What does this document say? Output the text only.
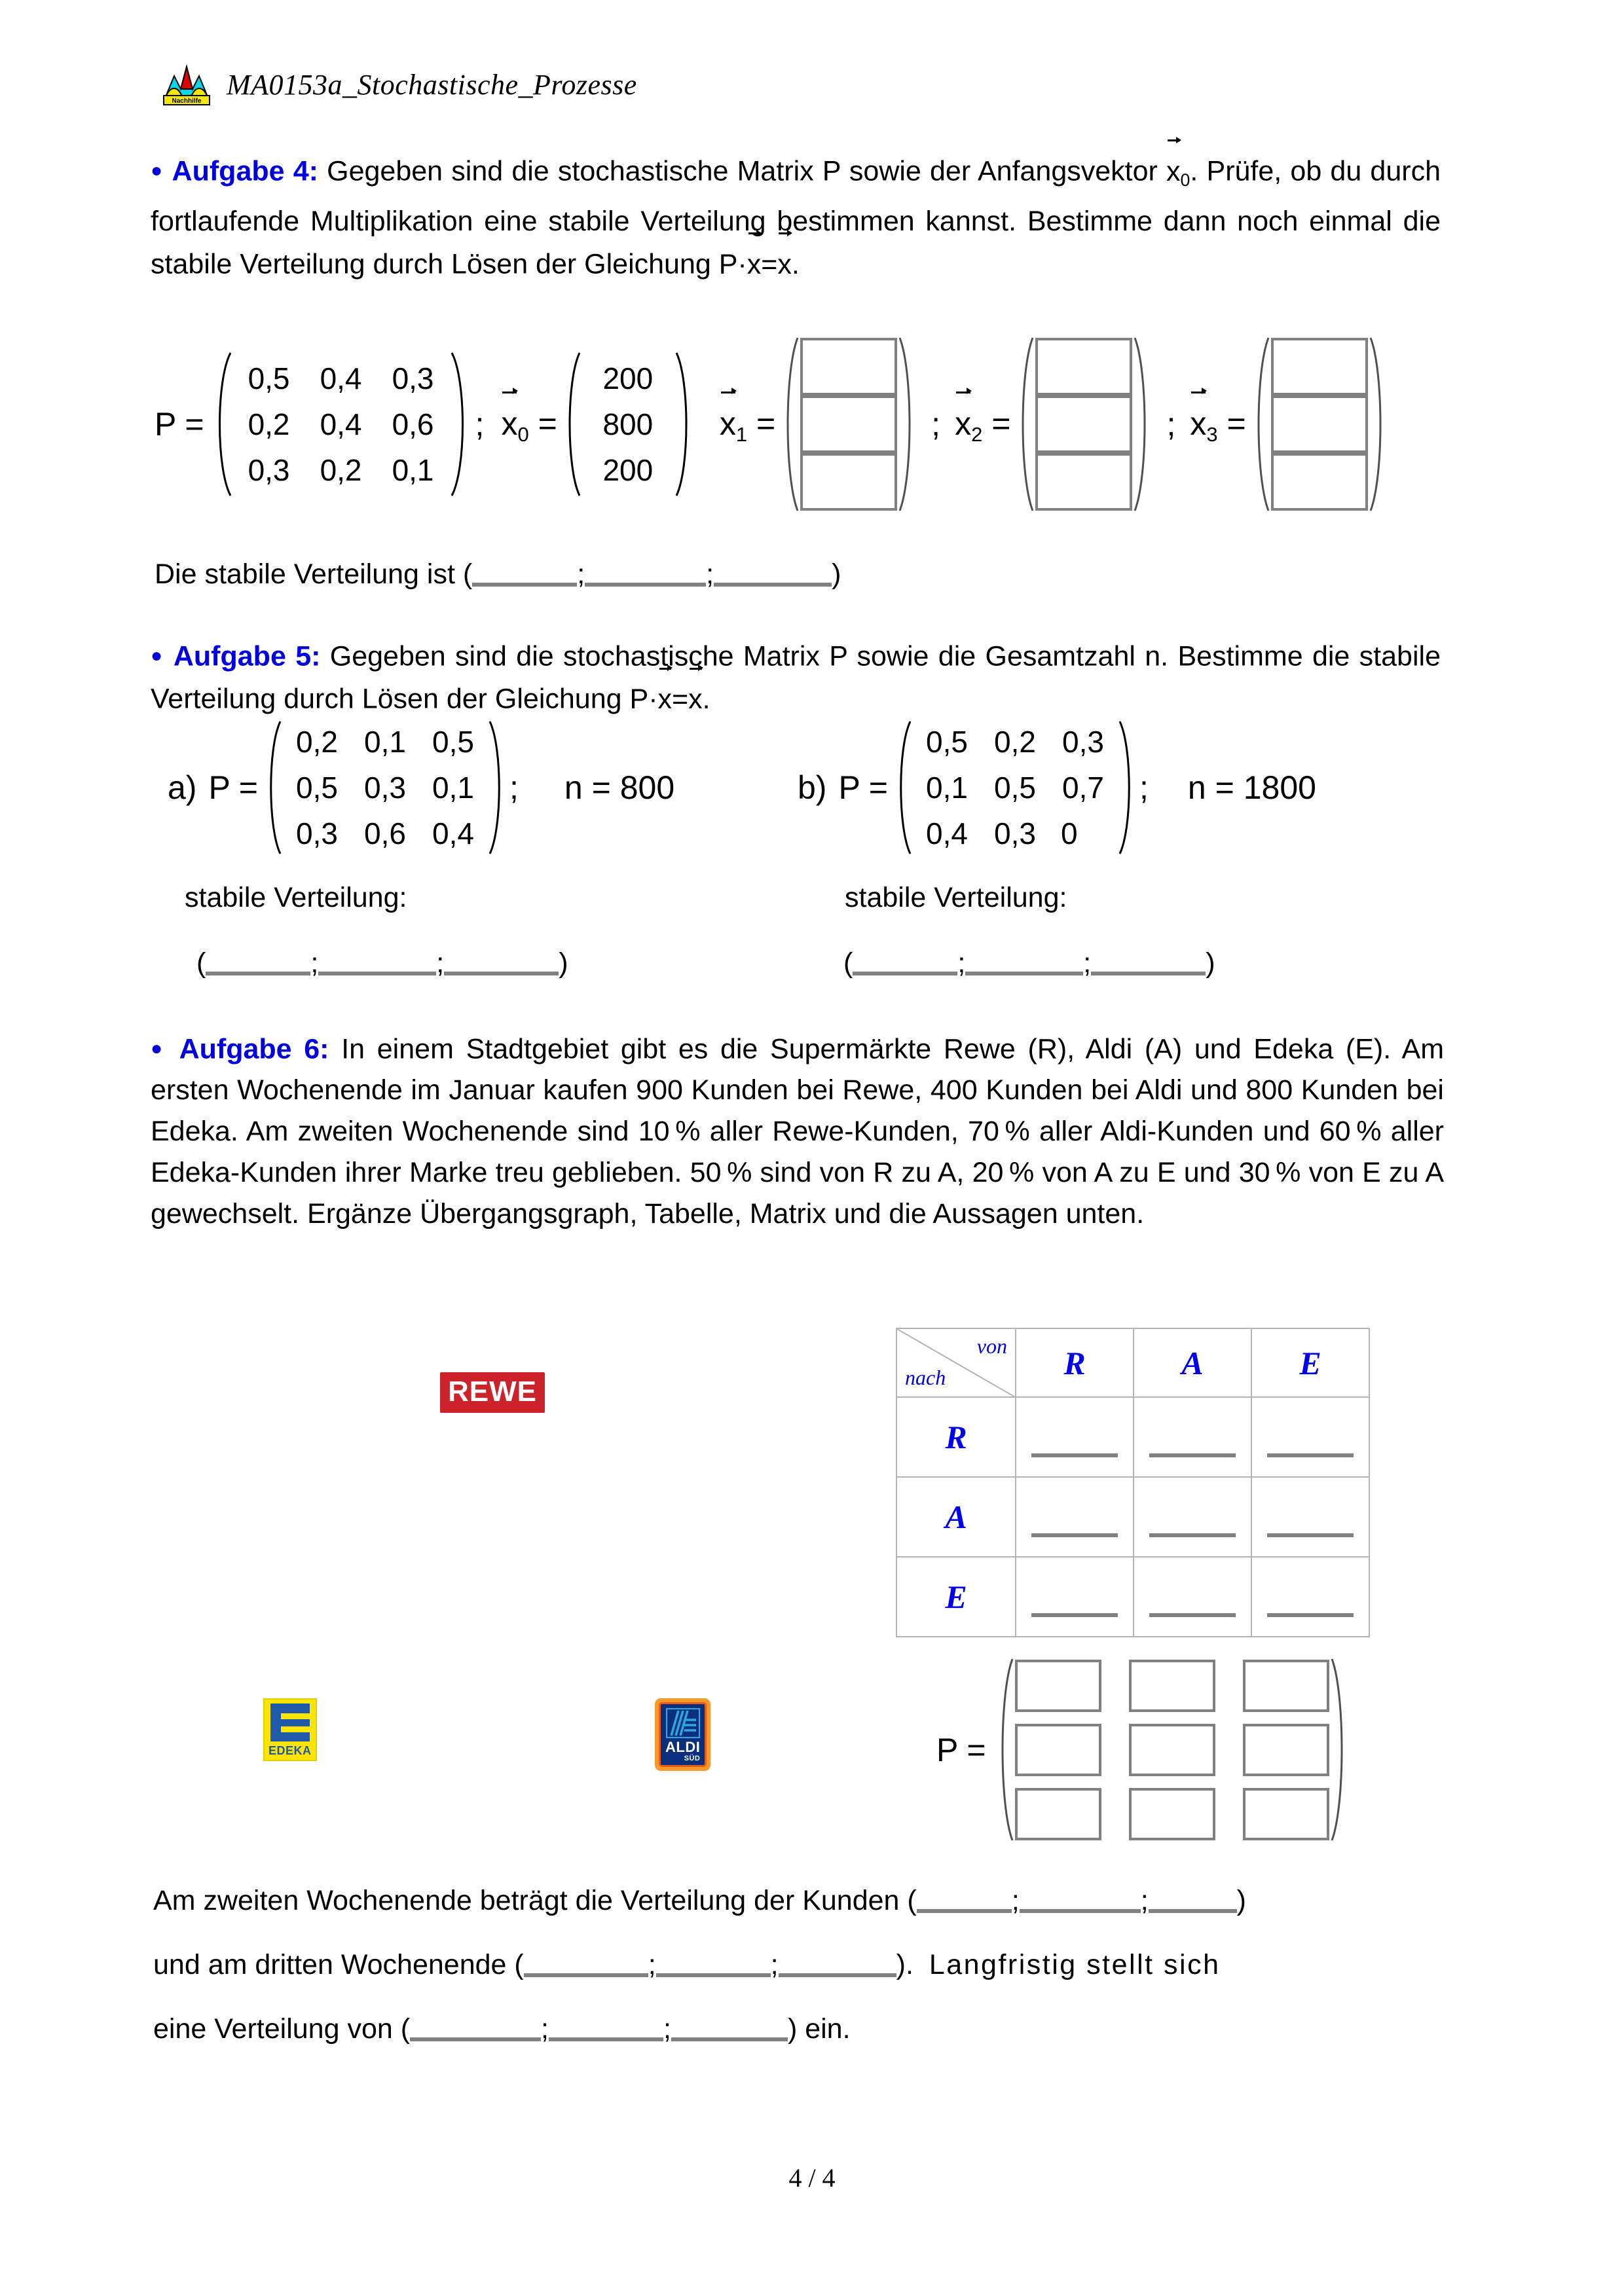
Nachhilfe
MA0153a_Stochastische_Prozesse
● Aufgabe 4: Gegeben sind die stochastische Matrix P sowie der Anfangsvektor $x_0$. Prüfe, ob du durch fortlaufende Multiplikation eine stabile Verteilung bestimmen kannst. Bestimme dann noch einmal die stabile Verteilung durch Lösen der Gleichung P·x=x.
P =
0,5	0,4	0,3
0,2	0,4	0,6
0,3	0,2	0,1
; $x_0$ =
200
800
200
$x_1$ =	; $x_2$ =	; $x_3$ =
Die stabile Verteilung ist (	;	;	)
● Aufgabe 5: Gegeben sind die stochastische Matrix P sowie die Gesamtzahl n. Bestimme die stabile Verteilung durch Lösen der Gleichung P·x=x.
a) P =
0,2 0,1 0,5
0,5 0,3 0,1
0,3 0,6 0,4
; n = 800	b) P =
0,5 0,2 0,3
0,1 0,5 0,7
0,4 0,3 0
; n = 1800
stabile Verteilung:	stabile Verteilung:
(	;	;	)	(	;	;	)
● Aufgabe 6: In einem Stadtgebiet gibt es die Supermärkte Rewe (R), Aldi (A) und Edeka (E). Am ersten Wochenende im Januar kaufen 900 Kunden bei Rewe, 400 Kunden bei Aldi und 800 Kunden bei Edeka. Am zweiten Wochenende sind 10 % aller Rewe-Kunden, 70 % aller Aldi-Kunden und 60 % aller Edeka-Kunden ihrer Marke treu geblieben. 50 % sind von R zu A, 20 % von A zu E und 30 % von E zu A gewechselt. Ergänze Übergangsgraph, Tabelle, Matrix und die Aussagen unten.
REWE
EDEKA	ALDI
SÜD
von
nach	R	A	E
R	

A	

E	

P =
Am zweiten Wochenende beträgt die Verteilung der Kunden (	;	;	)
und am dritten Wochenende (	;	;	). Langfristig stellt sich
eine Verteilung von (	;	;	) ein.
4 / 4
